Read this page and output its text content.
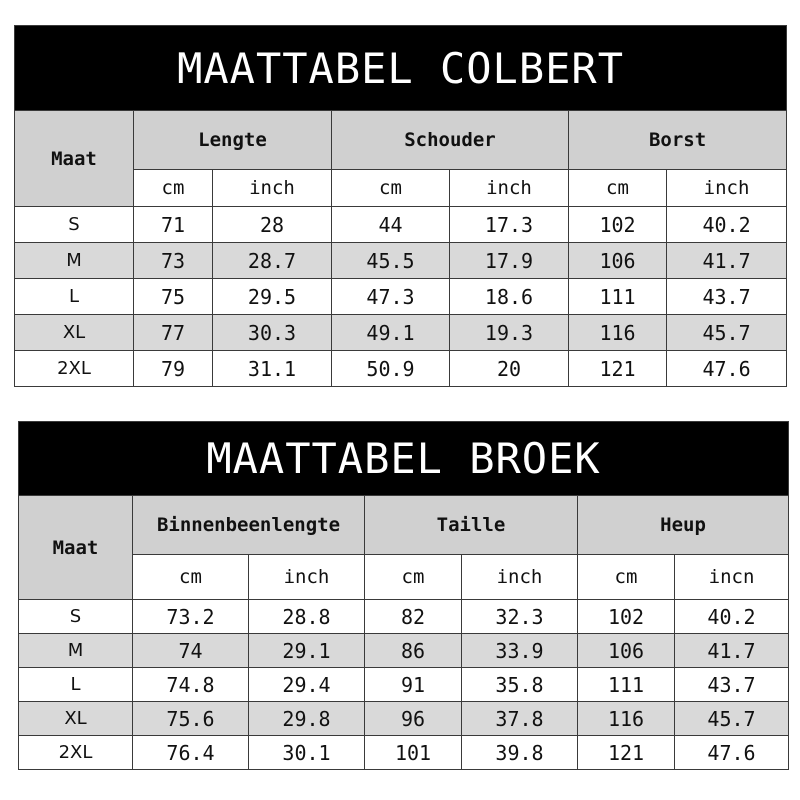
MAATTABEL COLBERT						
Maat	Lengte		Schouder		Borst	
	cm	inch	cm	inch	cm	inch
S	71	28	44	17.3	102	40.2
M	73	28.7	45.5	17.9	106	41.7
L	75	29.5	47.3	18.6	111	43.7
XL	77	30.3	49.1	19.3	116	45.7
2XL	79	31.1	50.9	20	121	47.6
MAATTABEL BROEK						
Maat	Binnenbeenlengte		Taille		Heup	
	cm	inch	cm	inch	cm	incn
S	73.2	28.8	82	32.3	102	40.2
M	74	29.1	86	33.9	106	41.7
L	74.8	29.4	91	35.8	111	43.7
XL	75.6	29.8	96	37.8	116	45.7
2XL	76.4	30.1	101	39.8	121	47.6
